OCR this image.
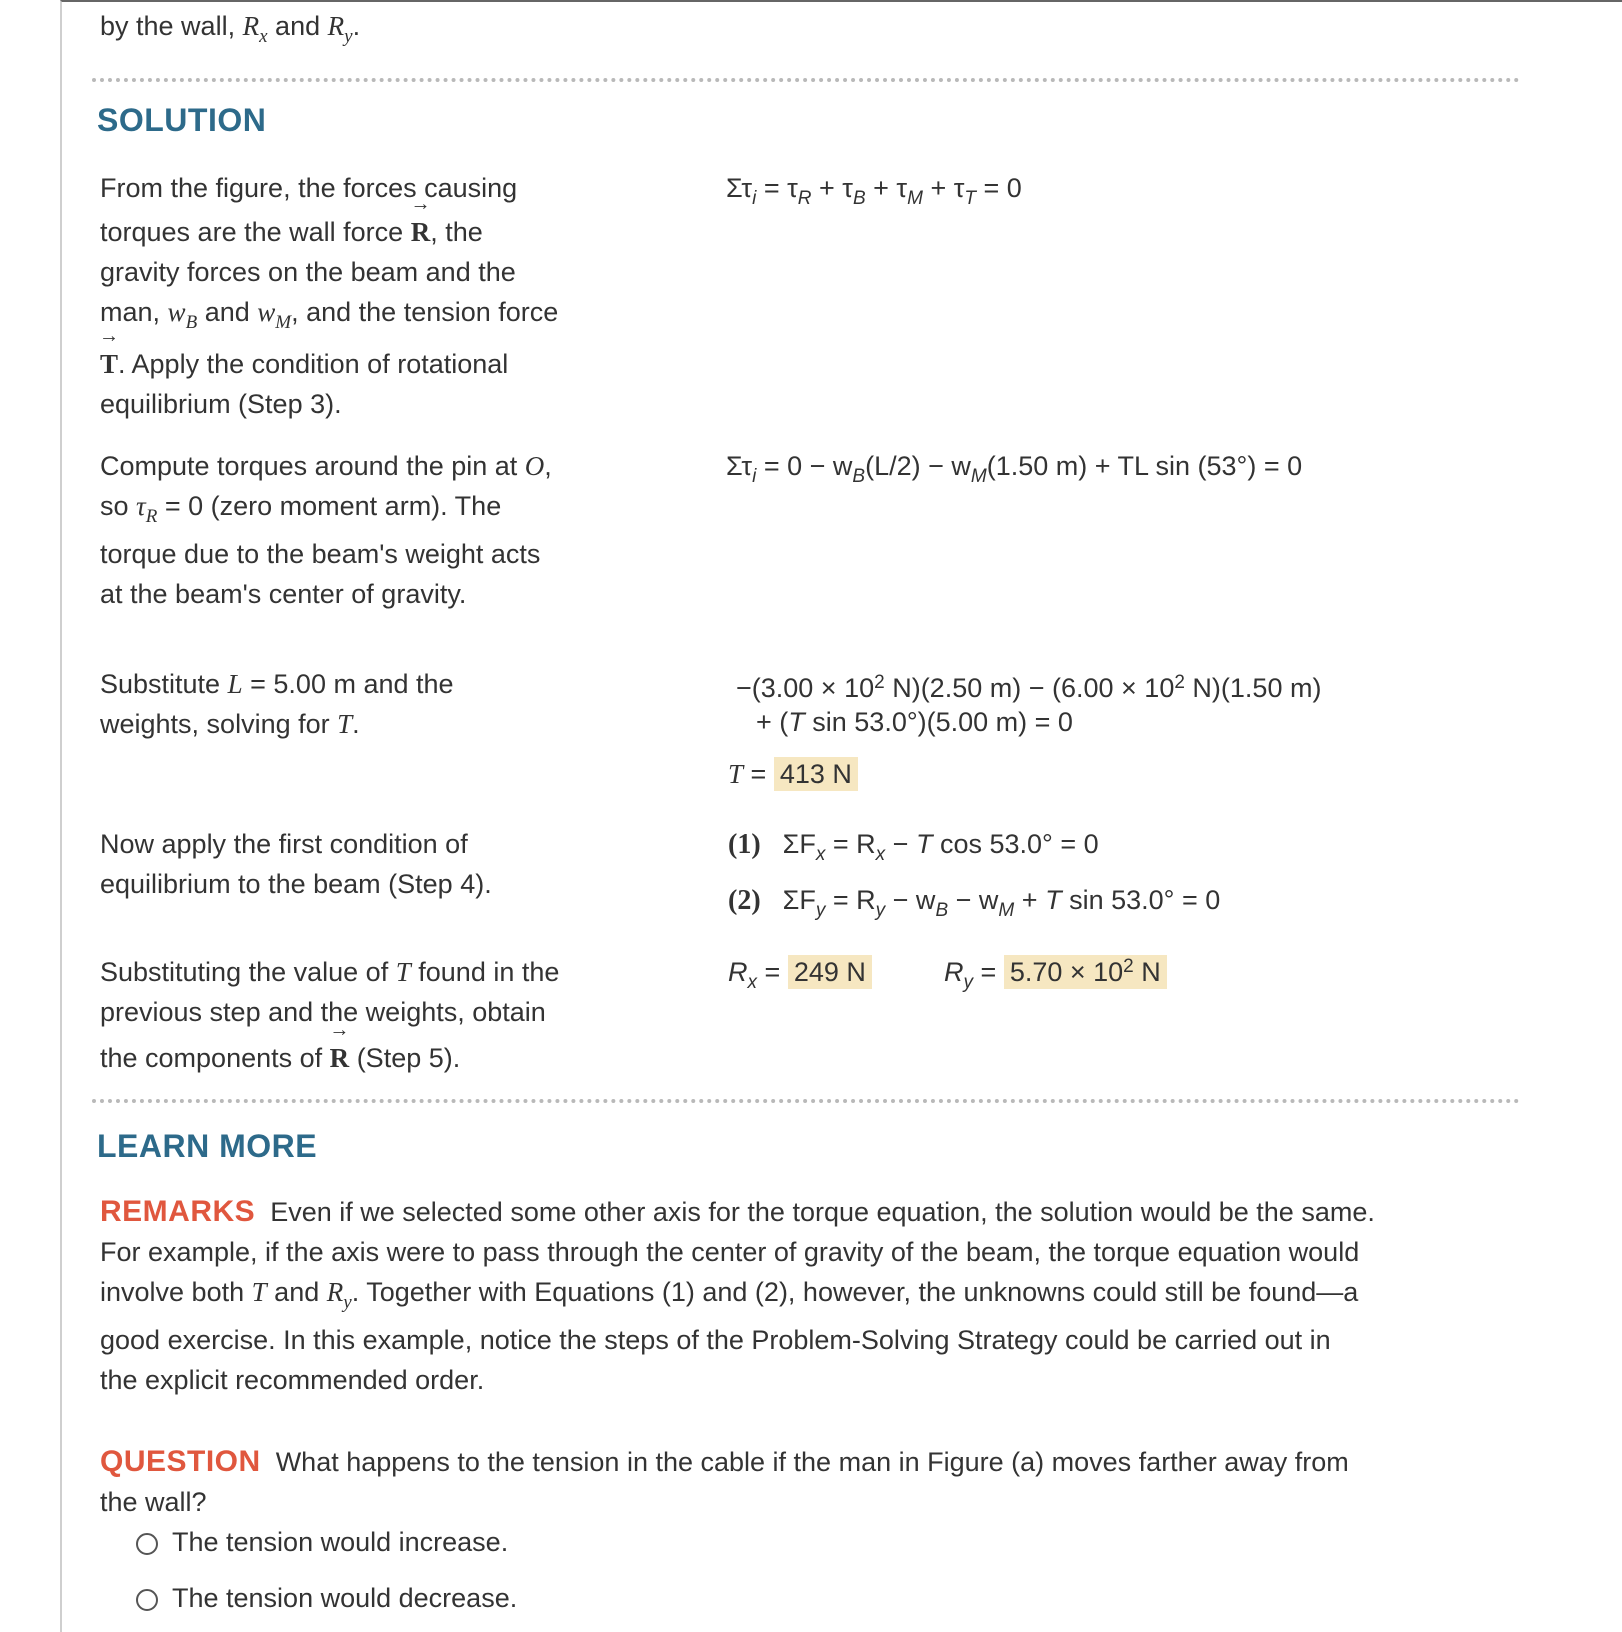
by the wall, $R_x$ and $R_y$.
SOLUTION
From the figure, the forces causing
torques are the wall force → R, the
gravity forces on the beam and the
man, $w_B$ and $w_M$, and the tension force
→ T. Apply the condition of rotational
equilibrium (Step 3).
$\Sigma\tau_i = \tau_R + \tau_B + \tau_M + \tau_T = 0$
Compute torques around the pin at O,
so $\tau_R = 0$ (zero moment arm). The
torque due to the beam's weight acts
at the beam's center of gravity.
$\Sigma\tau_i = 0 - w_B(L/2) - w_M(1.50$ m) + TL sin (53°) = 0
Substitute L = 5.00 m and the
weights, solving for T.
$-(3.00 \times 10^2$ N)(2.50 $m) - (6.00 \times 10^2$ N)(1.50 m)
+ (T sin 53.0°)(5.00 m) = 0
T = 413 N
Now apply the first condition of
equilibrium to the beam (Step 4).
(1) $\Sigma F_x = R_x - T$ cos 53.0° = 0
(2) $\Sigma F_y = R_y - w_B - w_M + T$ sin 53.0° = 0
Substituting the value of T found in the
previous step and the weights, obtain
the components of → R (Step 5).
$R_x = 249$ N	$R_y = 5.70 \times 10^2$ N
LEARN MORE
REMARKS Even if we selected some other axis for the torque equation, the solution would be the same.
For example, if the axis were to pass through the center of gravity of the beam, the torque equation would
involve both T and $R_y$. Together with Equations (1) and (2), however, the unknowns could still be found—a
good exercise. In this example, notice the steps of the Problem-Solving Strategy could be carried out in
the explicit recommended order.
QUESTION What happens to the tension in the cable if the man in Figure (a) moves farther away from
the wall?
The tension would increase.
The tension would decrease.
